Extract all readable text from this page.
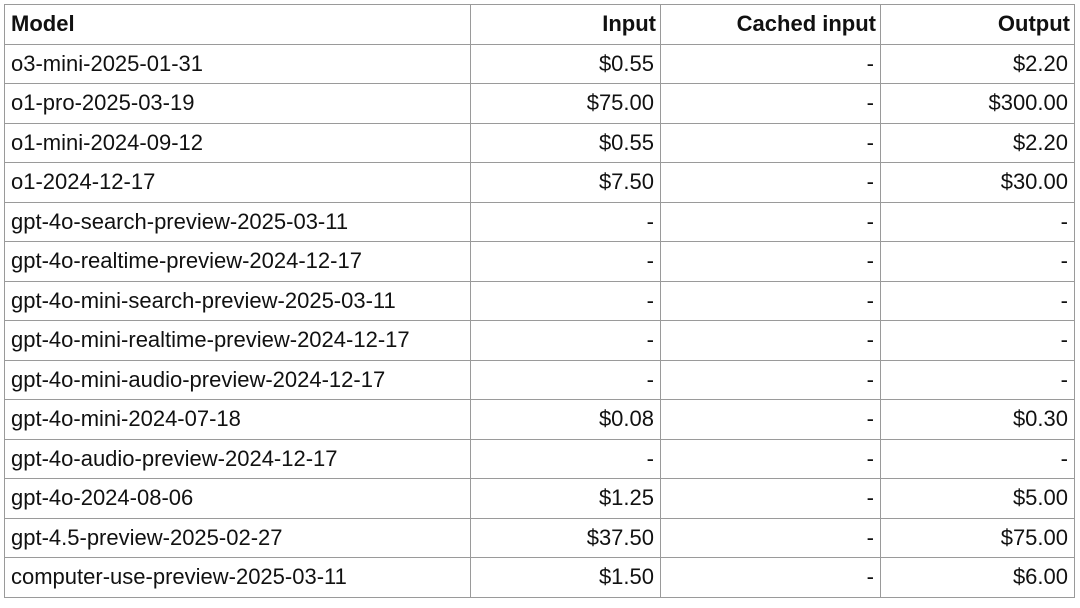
Model	Input	Cached input	Output
o3-mini-2025-01-31	$0.55	-	$2.20
o1-pro-2025-03-19	$75.00	-	$300.00
o1-mini-2024-09-12	$0.55	-	$2.20
o1-2024-12-17	$7.50	-	$30.00
gpt-4o-search-preview-2025-03-11	-	-	-
gpt-4o-realtime-preview-2024-12-17	-	-	-
gpt-4o-mini-search-preview-2025-03-11	-	-	-
gpt-4o-mini-realtime-preview-2024-12-17	-	-	-
gpt-4o-mini-audio-preview-2024-12-17	-	-	-
gpt-4o-mini-2024-07-18	$0.08	-	$0.30
gpt-4o-audio-preview-2024-12-17	-	-	-
gpt-4o-2024-08-06	$1.25	-	$5.00
gpt-4.5-preview-2025-02-27	$37.50	-	$75.00
computer-use-preview-2025-03-11	$1.50	-	$6.00
